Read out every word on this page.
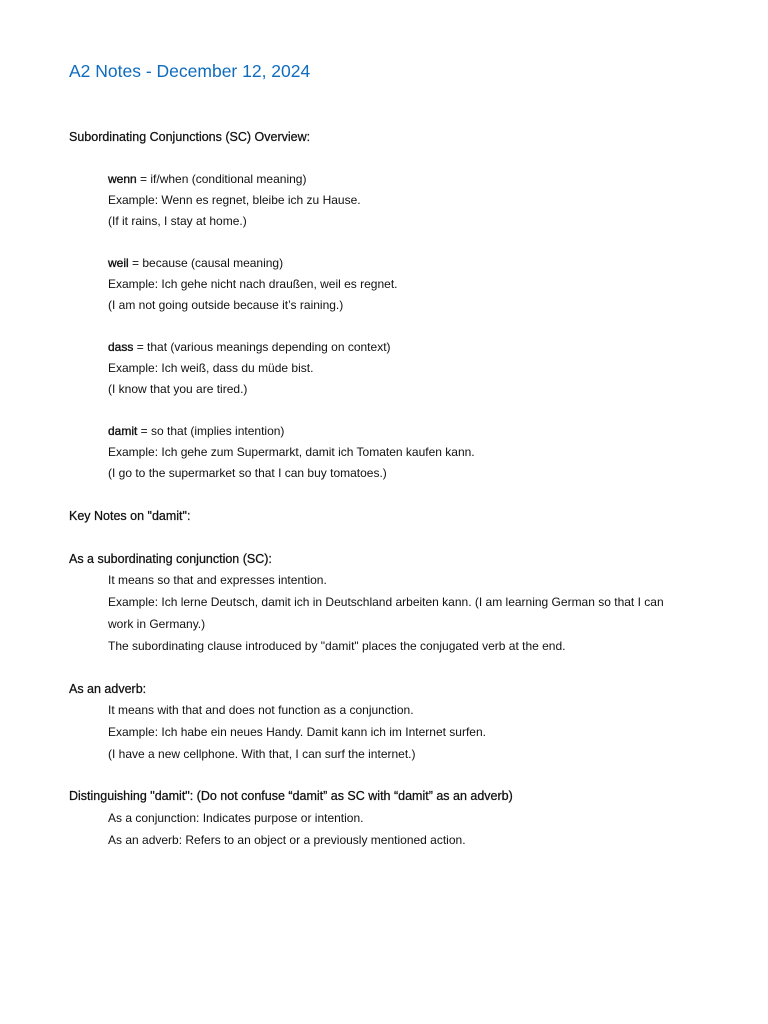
A2 Notes - December 12, 2024
Subordinating Conjunctions (SC) Overview:
wenn = if/when (conditional meaning)
Example: Wenn es regnet, bleibe ich zu Hause.
(If it rains, I stay at home.)
weil = because (causal meaning)
Example: Ich gehe nicht nach draußen, weil es regnet.
(I am not going outside because it’s raining.)
dass = that (various meanings depending on context)
Example: Ich weiß, dass du müde bist.
(I know that you are tired.)
damit = so that (implies intention)
Example: Ich gehe zum Supermarkt, damit ich Tomaten kaufen kann.
(I go to the supermarket so that I can buy tomatoes.)
Key Notes on "damit":
As a subordinating conjunction (SC):
It means so that and expresses intention.
Example: Ich lerne Deutsch, damit ich in Deutschland arbeiten kann. (I am learning German so that I can
work in Germany.)
The subordinating clause introduced by "damit" places the conjugated verb at the end.
As an adverb:
It means with that and does not function as a conjunction.
Example: Ich habe ein neues Handy. Damit kann ich im Internet surfen.
(I have a new cellphone. With that, I can surf the internet.)
Distinguishing "damit": (Do not confuse “damit” as SC with “damit” as an adverb)
As a conjunction: Indicates purpose or intention.
As an adverb: Refers to an object or a previously mentioned action.
